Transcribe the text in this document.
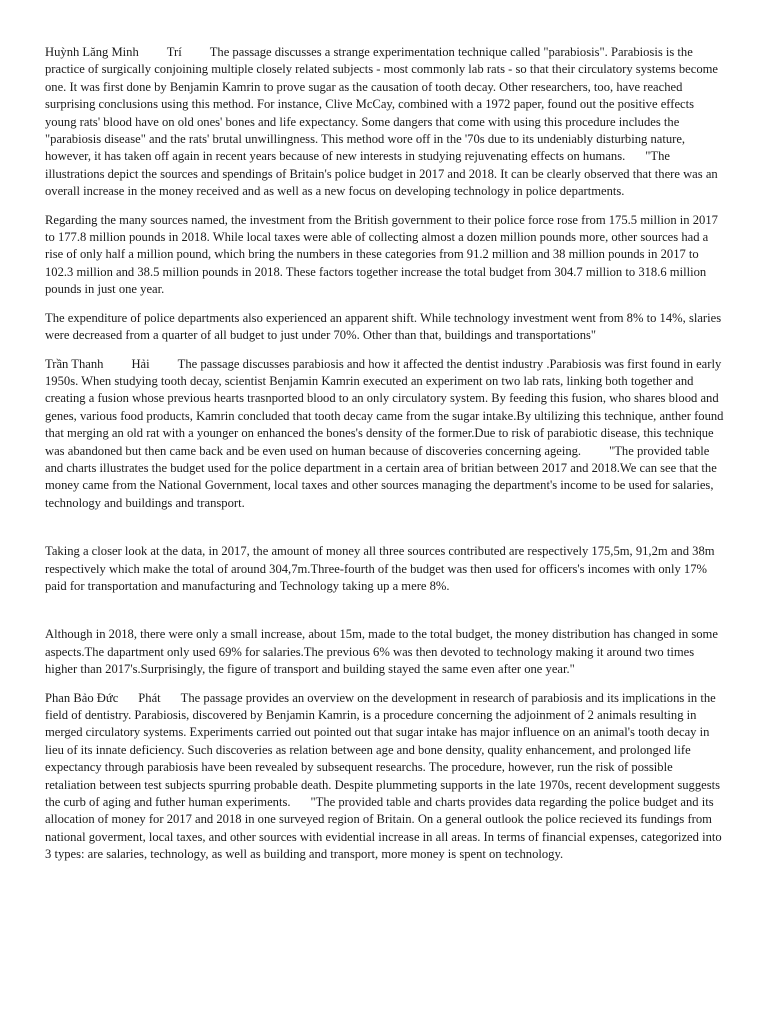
Huỳnh Lăng Minh Trí The passage discusses a strange experimentation technique called "parabiosis". Parabiosis is the practice of surgically conjoining multiple closely related subjects - most commonly lab rats - so that their circulatory systems become one. It was first done by Benjamin Kamrin to prove sugar as the causation of tooth decay. Other researchers, too, have reached surprising conclusions using this method. For instance, Clive McCay, combined with a 1972 paper, found out the positive effects young rats' blood have on old ones' bones and life expectancy. Some dangers that come with using this procedure includes the "parabiosis disease" and the rats' brutal unwillingness. This method wore off in the '70s due to its undeniably disturbing nature, however, it has taken off again in recent years because of new interests in studying rejuvenating effects on humans. "The illustrations depict the sources and spendings of Britain's police budget in 2017 and 2018. It can be clearly observed that there was an overall increase in the money received and as well as a new focus on developing technology in police departments.

Regarding the many sources named, the investment from the British government to their police force rose from 175.5 million in 2017 to 177.8 million pounds in 2018. While local taxes were able of collecting almost a dozen million pounds more, other sources had a rise of only half a million pound, which bring the numbers in these categories from 91.2 million and 38 million pounds in 2017 to 102.3 million and 38.5 million pounds in 2018. These factors together increase the total budget from 304.7 million to 318.6 million pounds in just one year.

The expenditure of police departments also experienced an apparent shift. While technology investment went from 8% to 14%, slaries were decreased from a quarter of all budget to just under 70%. Other than that, buildings and transportations"

Trần Thanh Hải The passage discusses parabiosis and how it affected the dentist industry .Parabiosis was first found in early 1950s. When studying tooth decay, scientist Benjamin Kamrin executed an experiment on two lab rats, linking both together and creating a fusion whose previous hearts trasnported blood to an only circulatory system. By feeding this fusion, who shares blood and genes, various food products, Kamrin concluded that tooth decay came from the sugar intake.By ultilizing this technique, anther found that merging an old rat with a younger on enhanced the bones's density of the former.Due to risk of parabiotic disease, this technique was abandoned but then came back and be even used on human because of discoveries concerning ageing. "The provided table and charts illustrates the budget used for the police department in a certain area of britian between 2017 and 2018.We can see that the money came from the National Government, local taxes and other sources managing the department's income to be used for salaries, technology and buildings and transport.

Taking a closer look at the data, in 2017, the amount of money all three sources contributed are respectively 175,5m, 91,2m and 38m respectively which make the total of around 304,7m.Three-fourth of the budget was then used for officers's incomes with only 17% paid for transportation and manufacturing and Technology taking up a mere 8%.

Although in 2018, there were only a small increase, about 15m, made to the total budget, the money distribution has changed in some aspects.The dapartment only used 69% for salaries.The previous 6% was then devoted to technology making it around two times higher than 2017's.Surprisingly, the figure of transport and building stayed the same even after one year."

Phan Bảo Đức Phát The passage provides an overview on the development in research of parabiosis and its implications in the field of dentistry. Parabiosis, discovered by Benjamin Kamrin, is a procedure concerning the adjoinment of 2 animals resulting in merged circulatory systems. Experiments carried out pointed out that sugar intake has major influence on an animal's tooth decay in lieu of its innate deficiency. Such discoveries as relation between age and bone density, quality enhancement, and prolonged life expectancy through parabiosis have been revealed by subsequent researchs. The procedure, however, run the risk of possible retaliation between test subjects spurring probable death. Despite plummeting supports in the late 1970s, recent development suggests the curb of aging and futher human experiments. "The provided table and charts provides data regarding the police budget and its allocation of money for 2017 and 2018 in one surveyed region of Britain. On a general outlook the police recieved its fundings from national goverment, local taxes, and other sources with evidential increase in all areas. In terms of financial expenses, categorized into 3 types: are salaries, technology, as well as building and transport, more money is spent on technology.
